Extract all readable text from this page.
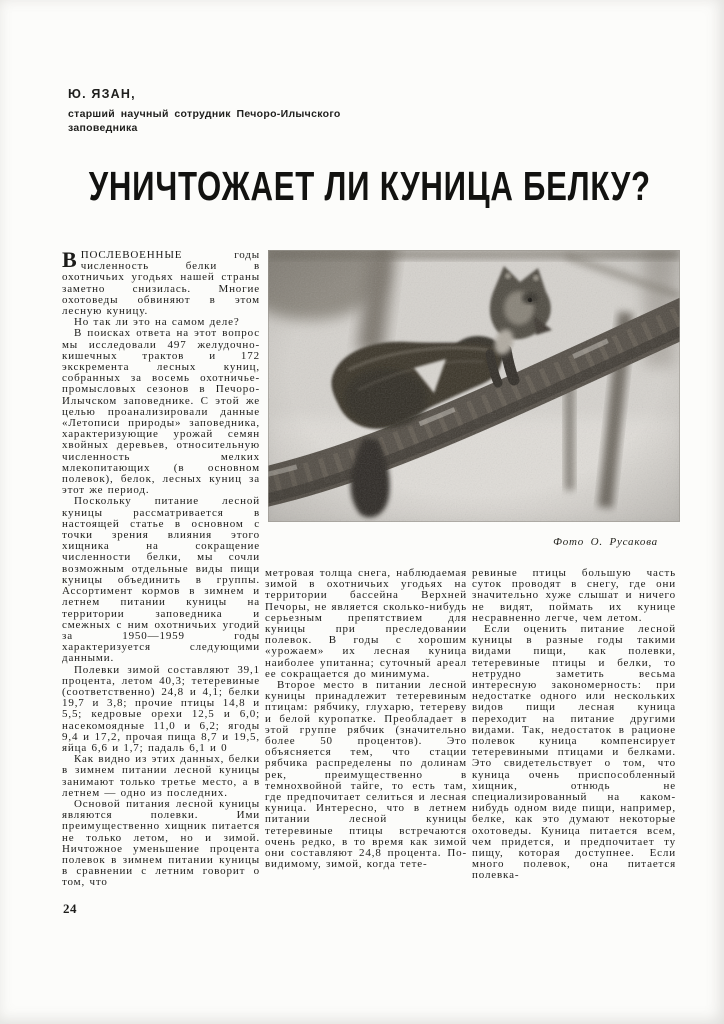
Ю. ЯЗАН,
старший научный сотрудник Печоро-Илычского заповедника
УНИЧТОЖАЕТ ЛИ КУНИЦА БЕЛКУ?

ВПОСЛЕВОЕННЫЕ годы численность белки в охотничьих угодьях нашей страны заметно снизилась. Многие охотоведы обвиняют в этом лесную куницу.

Но так ли это на самом деле?

В поисках ответа на этот вопрос мы исследовали 497 желудочно-кишечных трактов и 172 экскремента лесных куниц, собранных за восемь охотничье-промысловых сезонов в Печоро-Илычском заповеднике. С этой же целью проанализировали данные «Летописи природы» заповедника, характеризующие урожай семян хвойных деревьев, относительную численность мелких млекопитающих (в основном полевок), белок, лесных куниц за этот же период.

Поскольку питание лесной куницы рассматривается в настоящей статье в основном с точки зрения влияния этого хищника на сокращение численности белки, мы сочли возможным отдельные виды пищи куницы объединить в группы. Ассортимент кормов в зимнем и летнем питании куницы на территории заповедника и смежных с ним охотничьих угодий за 1950—1959 годы характеризуется следующими данными.

Полевки зимой составляют 39,1 процента, летом 40,3; тетеревиные (соответственно) 24,8 и 4,1; белки 19,7 и 3,8; прочие птицы 14,8 и 5,5; кедровые орехи 12,5 и 6,0; насекомоядные 11,0 и 6,2; ягоды 9,4 и 17,2, прочая пища 8,7 и 19,5, яйца 6,6 и 1,7; падаль 6,1 и 0

Как видно из этих данных, белки в зимнем питании лесной куницы занимают только третье место, а в летнем — одно из последних.

Основой питания лесной куницы являются полевки. Ими преимущественно хищник питается не только летом, но и зимой. Ничтожное уменьшение процента полевок в зимнем питании куницы в сравнении с летним говорит о том, что

Фото О. Русакова

метровая толща снега, наблюдаемая зимой в охотничьих угодьях на территории бассейна Верхней Печоры, не является сколько-нибудь серьезным препятствием для куницы при преследовании полевок. В годы с хорошим «урожаем» их лесная куница наиболее упитанна; суточный ареал ее сокращается до минимума.

Второе место в питании лесной куницы принадлежит тетеревиным птицам: рябчику, глухарю, тетереву и белой куропатке. Преобладает в этой группе рябчик (значительно более 50 процентов). Это объясняется тем, что стации рябчика распределены по долинам рек, преимущественно в темнохвойной тайге, то есть там, где предпочитает селиться и лесная куница. Интересно, что в летнем питании лесной куницы тетеревиные птицы встречаются очень редко, в то время как зимой они составляют 24,8 процента. По-видимому, зимой, когда тете-

ревиные птицы большую часть суток проводят в снегу, где они значительно хуже слышат и ничего не видят, поймать их кунице несравненно легче, чем летом.

Если оценить питание лесной куницы в разные годы такими видами пищи, как полевки, тетеревиные птицы и белки, то нетрудно заметить весьма интересную закономерность: при недостатке одного или нескольких видов пищи лесная куница переходит на питание другими видами. Так, недостаток в рационе полевок куница компенсирует тетеревиными птицами и белками. Это свидетельствует о том, что куница очень приспособленный хищник, отнюдь не специализированный на каком-нибудь одном виде пищи, например, белке, как это думают некоторые охотоведы. Куница питается всем, чем придется, и предпочитает ту пищу, которая доступнее. Если много полевок, она питается полевка-

24
